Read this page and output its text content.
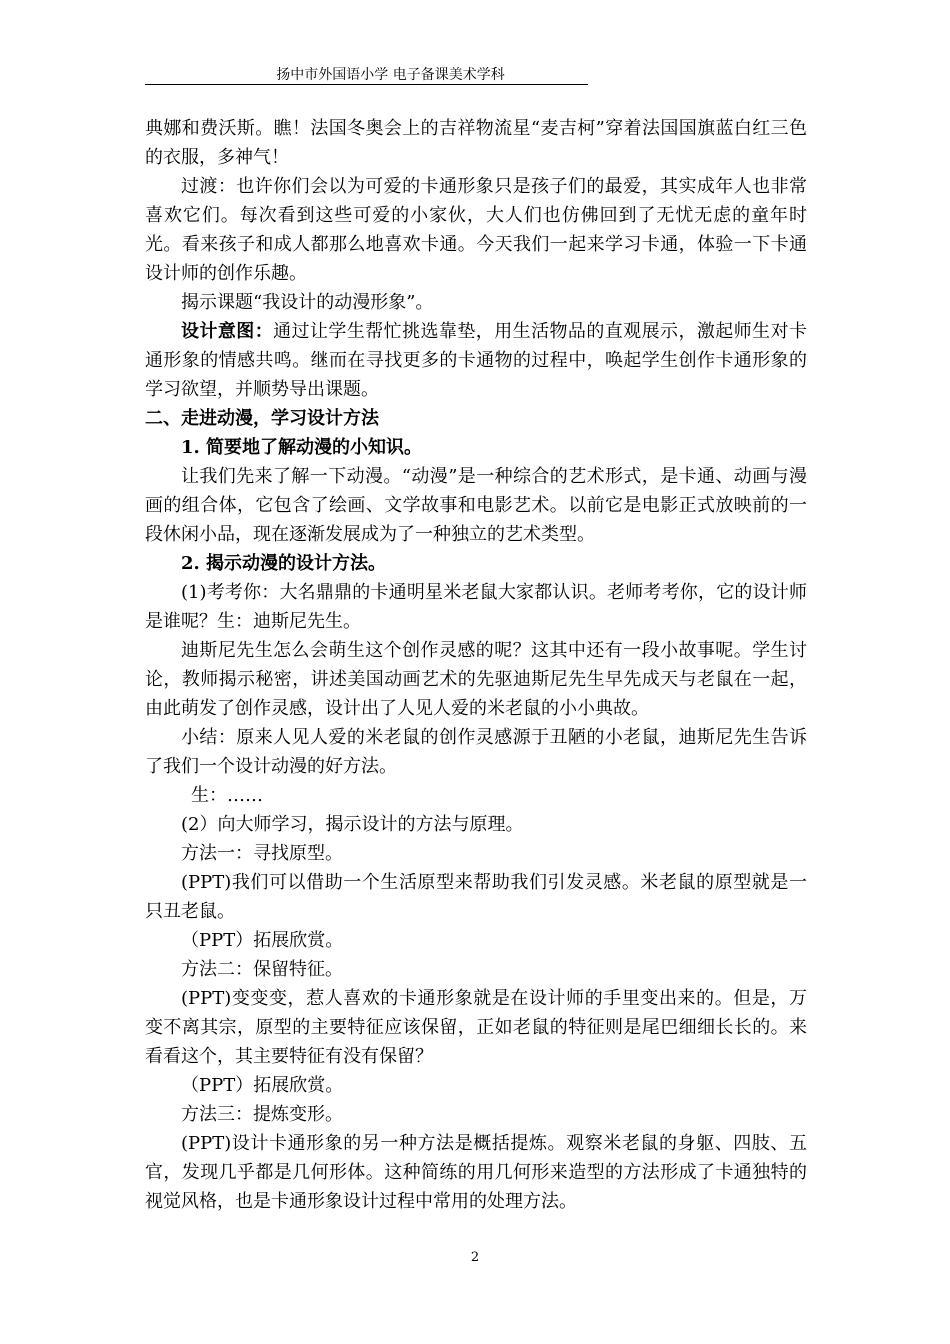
扬中市外国语小学 电子备课美术学科

典娜和费沃斯。瞧！法国冬奥会上的吉祥物流星“麦吉柯”穿着法国国旗蓝白红三色的衣服，多神气！

过渡：也许你们会以为可爱的卡通形象只是孩子们的最爱，其实成年人也非常喜欢它们。每次看到这些可爱的小家伙，大人们也仿佛回到了无忧无虑的童年时光。看来孩子和成人都那么地喜欢卡通。今天我们一起来学习卡通，体验一下卡通设计师的创作乐趣。

揭示课题“我设计的动漫形象”。

设计意图：通过让学生帮忙挑选靠垫，用生活物品的直观展示，激起师生对卡通形象的情感共鸣。继而在寻找更多的卡通物的过程中，唤起学生创作卡通形象的学习欲望，并顺势导出课题。

二、走进动漫，学习设计方法

1. 简要地了解动漫的小知识。

让我们先来了解一下动漫。“动漫”是一种综合的艺术形式，是卡通、动画与漫画的组合体，它包含了绘画、文学故事和电影艺术。以前它是电影正式放映前的一段休闲小品，现在逐渐发展成为了一种独立的艺术类型。

2. 揭示动漫的设计方法。

(1)考考你：大名鼎鼎的卡通明星米老鼠大家都认识。老师考考你，它的设计师是谁呢？生：迪斯尼先生。

迪斯尼先生怎么会萌生这个创作灵感的呢？这其中还有一段小故事呢。学生讨论，教师揭示秘密，讲述美国动画艺术的先驱迪斯尼先生早先成天与老鼠在一起，由此萌发了创作灵感，设计出了人见人爱的米老鼠的小小典故。

小结：原来人见人爱的米老鼠的创作灵感源于丑陋的小老鼠，迪斯尼先生告诉了我们一个设计动漫的好方法。

生：……

(2）向大师学习，揭示设计的方法与原理。

方法一：寻找原型。

(PPT)我们可以借助一个生活原型来帮助我们引发灵感。米老鼠的原型就是一只丑老鼠。

（PPT）拓展欣赏。

方法二：保留特征。

(PPT)变变变，惹人喜欢的卡通形象就是在设计师的手里变出来的。但是，万变不离其宗，原型的主要特征应该保留，正如老鼠的特征则是尾巴细细长长的。来看看这个，其主要特征有没有保留？

（PPT）拓展欣赏。

方法三：提炼变形。

(PPT)设计卡通形象的另一种方法是概括提炼。观察米老鼠的身躯、四肢、五官，发现几乎都是几何形体。这种简练的用几何形来造型的方法形成了卡通独特的视觉风格，也是卡通形象设计过程中常用的处理方法。

2
